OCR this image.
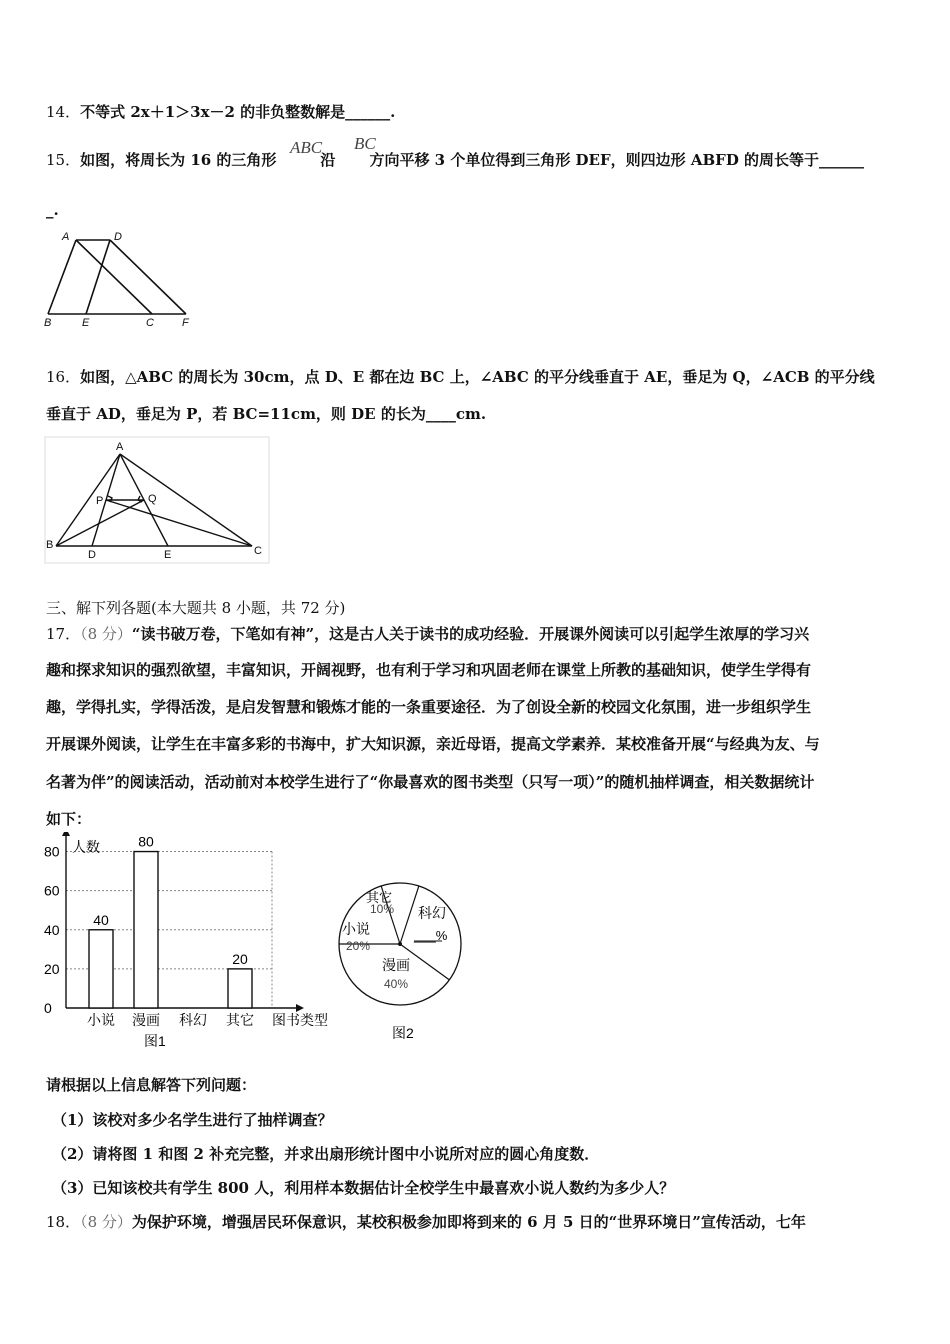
14．不等式 2x＋1＞3x－2 的非负整数解是______.
15．如图，将周长为 16 的三角形	沿 方向平移 3 个单位得到三角形 DEF，则四边形 ABFD 的周长等于______
ABC BC
_.
A	D
B	E	C	F
16．如图，△ABC 的周长为 30cm，点 D、E 都在边 BC 上，∠ABC 的平分线垂直于 AE，垂足为 Q，∠ACB 的平分线
垂直于 AD，垂足为 P，若 BC=11cm，则 DE 的长为____cm.
A
P	Q
B
D	E	C
三、解下列各题(本大题共 8 小题，共 72 分)
17．（8 分）“读书破万卷，下笔如有神”，这是古人关于读书的成功经验．开展课外阅读可以引起学生浓厚的学习兴
趣和探求知识的强烈欲望，丰富知识，开阔视野，也有利于学习和巩固老师在课堂上所教的基础知识，使学生学得有
趣，学得扎实，学得活泼，是启发智慧和锻炼才能的一条重要途径．为了创设全新的校园文化氛围，进一步组织学生
开展课外阅读，让学生在丰富多彩的书海中，扩大知识源，亲近母语，提高文学素养．某校准备开展“与经典为友、与
名著为伴”的阅读活动，活动前对本校学生进行了“你最喜欢的图书类型（只写一项）”的随机抽样调查，相关数据统计
如下：
人数
0
20
40
60
80
40
80
20
小说 漫画 科幻 其它 图书类型
图1
其它
10% 科幻
___%
漫画
40%
小说
20%
图2
请根据以上信息解答下列问题：
（1）该校对多少名学生进行了抽样调查？
（2）请将图 1 和图 2 补充完整，并求出扇形统计图中小说所对应的圆心角度数．
（3）已知该校共有学生 800 人，利用样本数据估计全校学生中最喜欢小说人数约为多少人？
18．（8 分）为保护环境，增强居民环保意识，某校积极参加即将到来的 6 月 5 日的“世界环境日”宣传活动，七年
